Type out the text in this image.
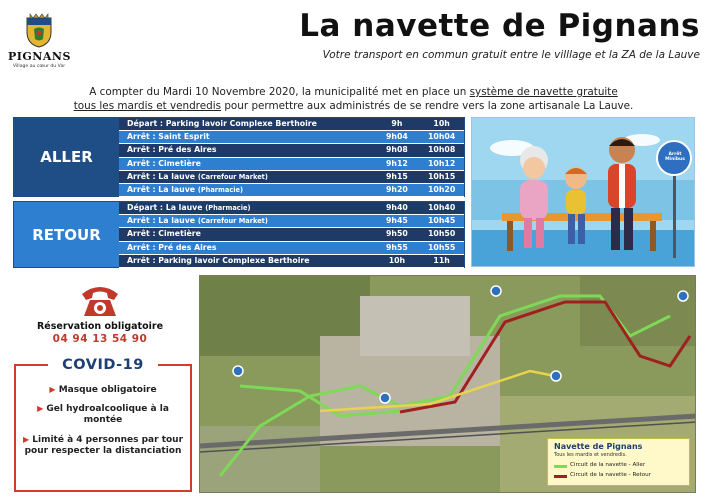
PIGNANS
Village au cœur du Var
La navette de Pignans
Votre transport en commun gratuit entre le villlage et la ZA de la Lauve
A compter du Mardi 10 Novembre 2020, la municipalité met en place un système de navette gratuite
tous les mardis et vendredis pour permettre aux administrés de se rendre vers la zone artisanale La Lauve.
ALLER
Départ : Parking lavoir Complexe Berthoire	9h	10h
Arrêt : Saint Esprit	9h04	10h04
Arrêt : Pré des Aires	9h08	10h08
Arrêt : Cimetière	9h12	10h12
Arrêt : La lauve (Carrefour Market)	9h15	10h15
Arrêt : La lauve (Pharmacie)	9h20	10h20
RETOUR
Départ : La lauve (Pharmacie)	9h40	10h40
Arrêt : La lauve (Carrefour Market)	9h45	10h45
Arrêt : Cimetière	9h50	10h50
Arrêt : Pré des Aires	9h55	10h55
Arrêt : Parking lavoir Complexe Berthoire	10h	11h
Arrêt Minibus
Réservation obligatoire
04 94 13 54 90
COVID-19
▶ Masque obligatoire
▶ Gel hydroalcoolique à la montée
▶ Limité à 4 personnes par tour pour respecter la distanciation	Navette de Pignans
Tous les mardis et vendredis.
Circuit de la navette - Aller
Circuit de la navette - Retour
